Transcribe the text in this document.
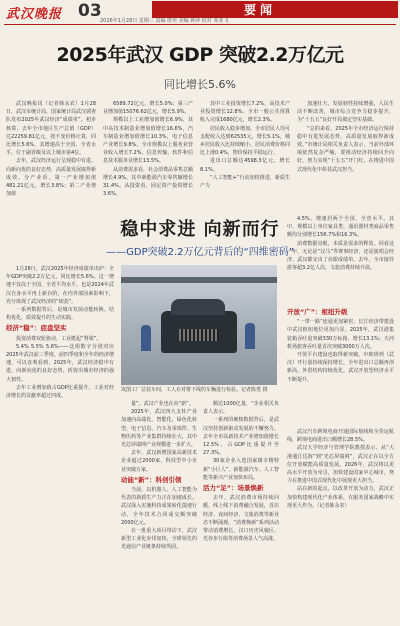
武汉晚报 03	要闻
2026年1月28日 星期三 责编 唐奕 美编 蒋萍 校对 邓亚飞
2025年武汉 GDP 突破2.2万亿元
同比增长5.6%

武汉晚报讯（记者韩永农）1月28日，武汉市统计局、国家统计局武汉调查队发布2025年武汉经济“成绩单”。初步核算，去年全市地区生产总值（GDP）达22259.81亿元，按不变价格计算，同比增长5.6%，其增速高于全国、全省水平，位于副省级及以上城市第4位。

去年，武汉经济运行呈现稳中有进、向新向优的良好态势，高质量发展取得新成效。分产业看，第一产业增加值481.21亿元，增长3.8%；第二产业增加值

6589.72亿元，增长5.0%；第三产业增加值15076.62亿元，增长5.9%。

规模以上工业增加值增长6.9%，其中高技术制造业增加值增长16.6%，汽车制造业增加值增长10.3%，电子信息产业增长9.8%。全市规模以上服务业营业收入增长7.2%，信息传输、软件和信息技术服务业增长13.5%。

从消费需求看，社会消费品零售总额增长4.9%，其中新能源汽车零售额增长31.4%。从投资看，固定资产投资增长3.6%，

其中工业投资增长7.2%，高技术产业投资增长12.8%。全市一般公共预算收入完成1680亿元，增长2.3%。

居民收入稳步增加。全市居民人均可支配收入达到62535元，增长5.1%，城乡居民收入比持续缩小。居民消费价格同比上涨0.4%，物价保持平稳运行。

进出口总额达4598.3亿元，增长8.1%。

“人工智能+”行动加快推进，新质生产力

加速壮大，发展韧性持续增强，人民生活不断改善，城市综合竞争力稳步提升，为“十五五”良好开局奠定坚实基础。

“总的来看，2025年全市经济运行保持稳中有进发展态势，高质量发展取得新成效。”市统计局相关负责人表示，当前外部环境依然复杂严峻，要推动经济持续回升向好，努力实现“十五五”开门红，在推进中国式现代化中彰显武汉担当。

稳中求进 向新而行
——GDP突破2.2万亿元背后的“四维密码”

1月28日，武汉2025年经济成绩单出炉：全年GDP突破2.2万亿元，同比增长5.6%。这一增速不仅高于全国、全省平均水平，也是2024年武汉自身水平再上新台阶，在内外部因素影响下，充分体现了武汉经济的“韧劲”。

一系列数据背后，是城市发展动能转换、结构优化、质效提升的生动实践。

经济“稳”：底盘坚实

投资消费双轮驱动，工业挺起“脊梁”。

5.4% 5.5% 5.6%——这组数字分别对应2025年武汉前三季度、前四季度和全年的经济增速，可以直观看到，2025年，武汉经济稳中有进，向新向优的良好态势，折射出城市经济的强大韧性。

去年工业增加值占GDP比重提升，工业对经济增长的贡献率超过四成。

岚图工厂总装车间，工人在对将下线的车辆进行检验。记者陈勇 摄

量”，武汉产业也在向“新”。

2025年，武汉四大支柱产业加速向高端化、智能化、绿色化转型，电子信息、汽车及零部件、生物医药等产业集群持续壮大，其中光芯屏端网产业规模进一步扩大。

去年，武汉新增国家高新技术企业超过2000家，科技型中小企业突破万家。

动能“新”：科创引领

当前，以机器人、人工智能为代表的新质生产力正在加速成长。武汉深入实施科技成果转化提速行动，全年技术合同成交额突破2000亿元。

在一批重大项目带动下，武汉新型工业化步伐加快，全球领先的光通信产业链条持续巩固。

额达1000亿量，“企业相关负责人表示。

一系列的硬核数据背后，是武汉坚持创新驱动发展的不懈努力。去年全市高新技术产业增加值增长12.5%，占GDP比重提升至27.3%。

30家企业入选国家级专精特新“小巨人”，新能源汽车、人工智能等新兴产业加快布局。

活力“足”：场景焕新

去年，武汉消费市场持续回暖，线上线下消费融合发展，首店经济、夜间经济、文旅消费等新业态不断涌现。“消费焕新”系列活动带动消费增长，汉口历史风貌区、光谷步行街等消费场景人气高涨。

4.5%，增速居两个全国、全省水平。其中，规模以上单位家具类、通讯器材类商品零售额均分别增长156.7%和16.3%。

消费数据亮眼，本质是需求的释放。回看这一年，无论是“汉马”等赛事经济，还是演唱会经济，武汉都交出了亮眼成绩单。去年，全市接待游客超3.2亿人次，文旅消费持续升温。

开放“广”：枢纽升级

“一带一路”连通更加紧密，长江经济带建设中武汉枢纽地位更加凸显，2025年，武汉港集装箱吞吐量突破330万标箱，增长13.1%；天河机场旅客吞吐量首次突破3000万人次。

开放平台建设也取得新突破，中欧班列（武汉）开行量持续保持增长，全年进出口总额再创新高，外贸结构持续优化，武汉开放型经济水平不断提升。

武汉汽车跨境电商开通国际航线和全货运航线，跨境电商进出口额增长28.5%。

武汉大学经济与管理学院教授表示，从“大港通江达海”到“光芯屏端网”，武汉正在以全方位开放赋能高质量发展。2026年，武汉将以更高水平开放为牵引，加快建设国家中心城市，努力在推进中国式现代化中展现更大担当。

站在新的起点，以改革开放为动力，武汉正加快构建现代化产业体系，在服务国家战略中实现更大作为。（记者陈永农）
